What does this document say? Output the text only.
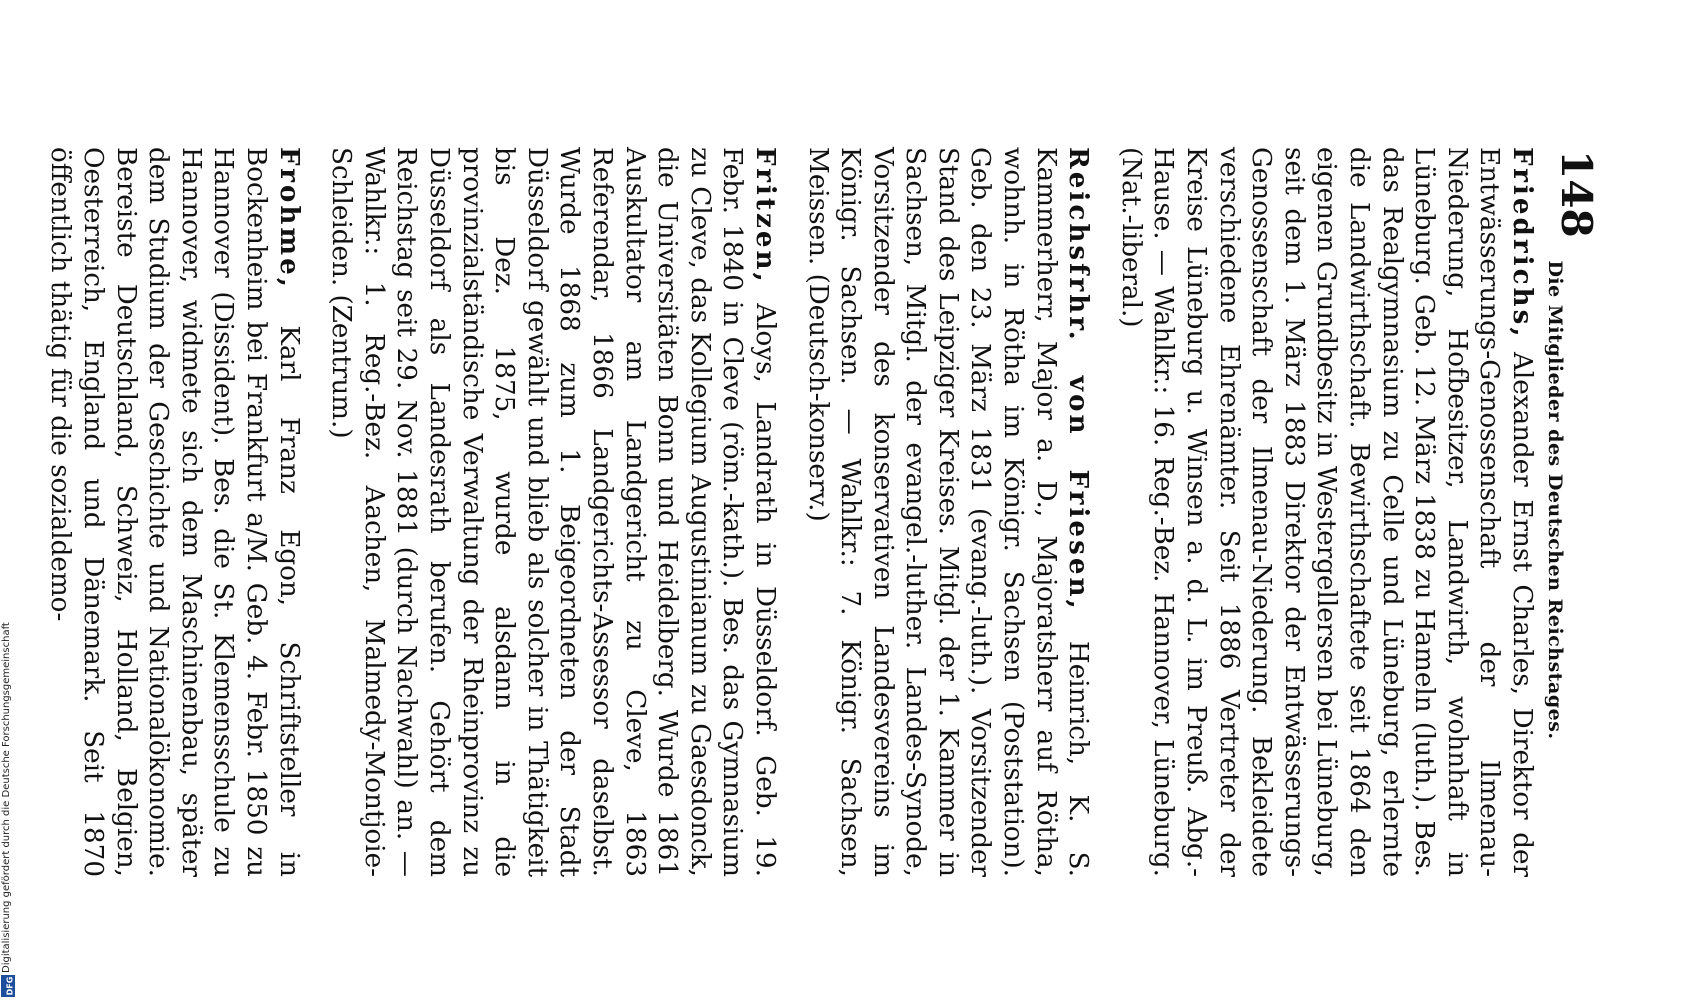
148
Die Mitglieder des Deutschen Reichstages.

Friedrichs, Alexander Ernst Charles, Direktor der Entwässerungs-Genossenschaft der Ilmenau-Niederung, Hofbesitzer, Landwirth, wohnhaft in Lüneburg. Geb. 12. März 1838 zu Hameln (luth.). Bes. das Realgymnasium zu Celle und Lüneburg, erlernte die Landwirthschaft. Bewirthschaftete seit 1864 den eigenen Grundbesitz in Westergellersen bei Lüneburg, seit dem 1. März 1883 Direktor der Entwässerungs-Genossenschaft der Ilmenau-Niederung. Bekleidete verschiedene Ehrenämter. Seit 1886 Vertreter der Kreise Lüneburg u. Winsen a. d. L. im Preuß. Abg.-Hause. — Wahlkr.: 16. Reg.-Bez. Hannover, Lüneburg. (Nat.-liberal.)

Reichsfrhr. von Friesen, Heinrich, K. S. Kammerherr, Major a. D., Majoratsherr auf Rötha, wohnh. in Rötha im Königr. Sachsen (Poststation). Geb. den 23. März 1831 (evang.-luth.). Vorsitzender Stand des Leipziger Kreises. Mitgl. der 1. Kammer in Sachsen, Mitgl. der evangel.-luther. Landes-Synode, Vorsitzender des konservativen Landesvereins im Königr. Sachsen. — Wahlkr.: 7. Königr. Sachsen, Meissen. (Deutsch-konserv.)

Fritzen, Aloys, Landrath in Düsseldorf. Geb. 19. Febr. 1840 in Cleve (röm.-kath.). Bes. das Gymnasium zu Cleve, das Kollegium Augustinianum zu Gaesdonck, die Universitäten Bonn und Heidelberg. Wurde 1861 Auskultator am Landgericht zu Cleve, 1863 Referendar, 1866 Landgerichts-Assessor daselbst. Wurde 1868 zum 1. Beigeordneten der Stadt Düsseldorf gewählt und blieb als solcher in Thätigkeit bis Dez. 1875, wurde alsdann in die provinzialständische Verwaltung der Rheinprovinz zu Düsseldorf als Landesrath berufen. Gehört dem Reichstag seit 29. Nov. 1881 (durch Nachwahl) an. — Wahlkr.: 1. Reg.-Bez. Aachen, Malmedy-Montjoie-Schleiden. (Zentrum.)

Frohme, Karl Franz Egon, Schriftsteller in Bockenheim bei Frankfurt a/M. Geb. 4. Febr. 1850 zu Hannover (Dissident). Bes. die St. Klemensschule zu Hannover, widmete sich dem Maschinenbau, später dem Studium der Geschichte und Nationalökonomie. Bereiste Deutschland, Schweiz, Holland, Belgien, Oesterreich, England und Dänemark. Seit 1870 öffentlich thätig für die sozialdemo-

Digitalisierung gefördert durch die Deutsche Forschungsgemeinschaft
DFG
